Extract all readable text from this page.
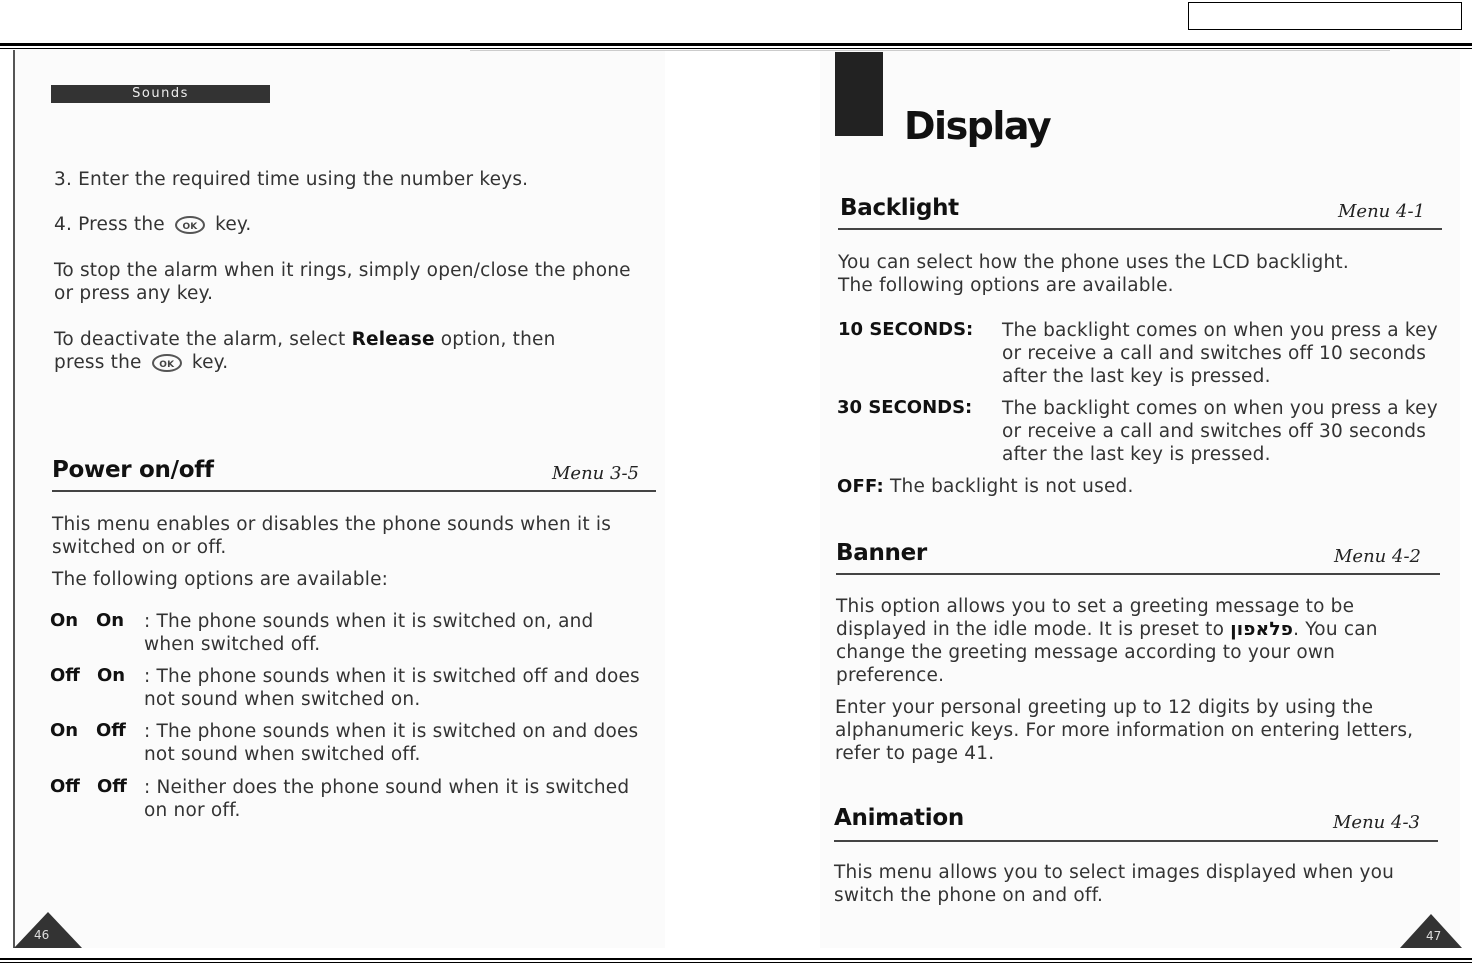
Sounds
3. Enter the required time using the number keys.
4. Press the OK key.
To stop the alarm when it rings, simply open/close the phone or press any key.
To deactivate the alarm, select Release option, then
press the OK key.
Power on/off	Menu 3-5
This menu enables or disables the phone sounds when it is switched on or off.
The following options are available:
On On : The phone sounds when it is switched on, and when switched off.
Off On : The phone sounds when it is switched off and does not sound when switched on.
On Off : The phone sounds when it is switched on and does not sound when switched off.
Off Off : Neither does the phone sound when it is switched on nor off.
46
Display
Backlight	Menu 4-1
You can select how the phone uses the LCD backlight. The following options are available.
10 SECONDS: The backlight comes on when you press a key or receive a call and switches off 10 seconds after the last key is pressed.
30 SECONDS: The backlight comes on when you press a key or receive a call and switches off 30 seconds after the last key is pressed.
OFF: The backlight is not used.
Banner	Menu 4-2
This option allows you to set a greeting message to be displayed in the idle mode. It is preset to פלאפון. You can change the greeting message according to your own preference.
Enter your personal greeting up to 12 digits by using the alphanumeric keys. For more information on entering letters, refer to page 41.
Animation	Menu 4-3
This menu allows you to select images displayed when you switch the phone on and off.
47
